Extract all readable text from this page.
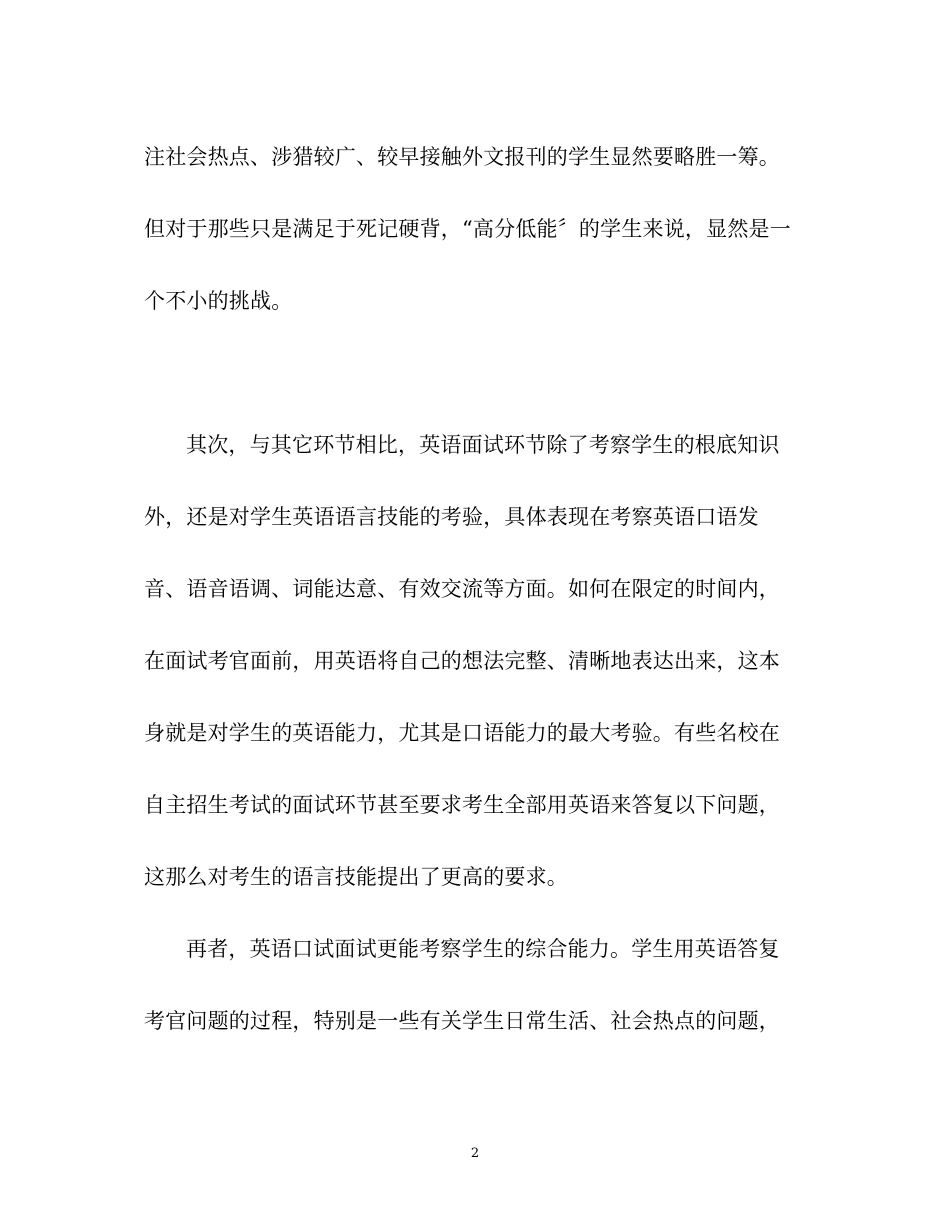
注社会热点、涉猎较广、较早接触外文报刊的学生显然要略胜一筹。
但对于那些只是满足于死记硬背，“高分低能〞的学生来说，显然是一
个不小的挑战。
其次，与其它环节相比，英语面试环节除了考察学生的根底知识
外，还是对学生英语语言技能的考验，具体表现在考察英语口语发
音、语音语调、词能达意、有效交流等方面。如何在限定的时间内，
在面试考官面前，用英语将自己的想法完整、清晰地表达出来，这本
身就是对学生的英语能力，尤其是口语能力的最大考验。有些名校在
自主招生考试的面试环节甚至要求考生全部用英语来答复以下问题，
这那么对考生的语言技能提出了更高的要求。
再者，英语口试面试更能考察学生的综合能力。学生用英语答复
考官问题的过程，特别是一些有关学生日常生活、社会热点的问题，
2
